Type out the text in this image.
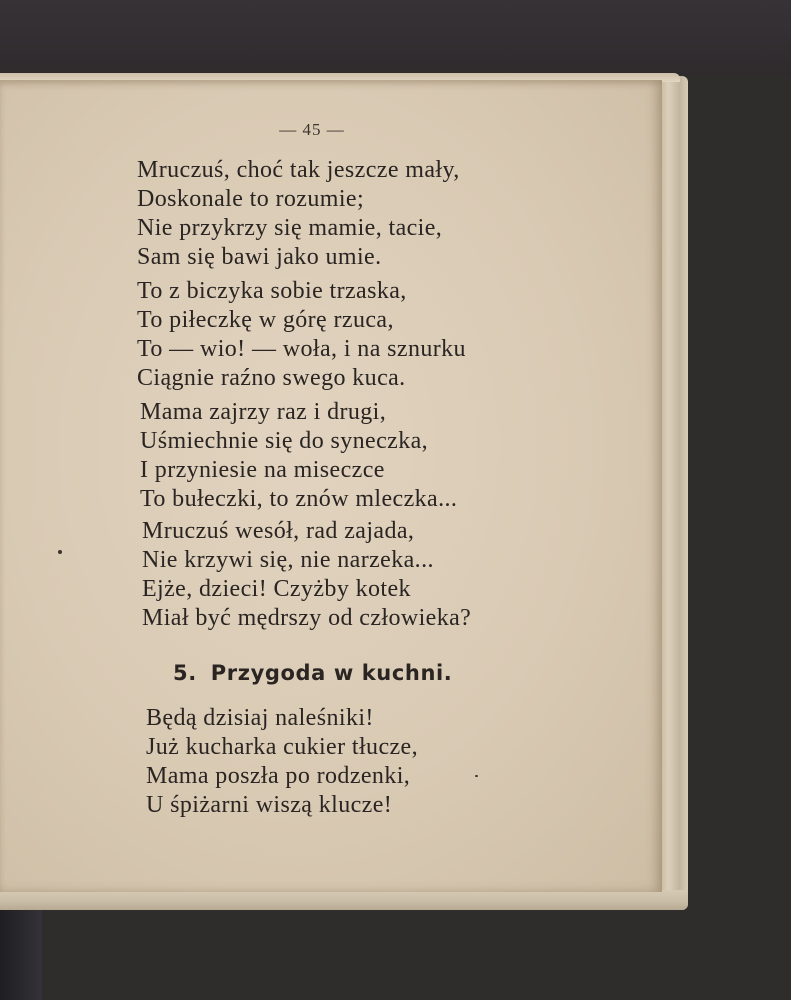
— 45 —
Mruczuś, choć tak jeszcze mały,
Doskonale to rozumie;
Nie przykrzy się mamie, tacie,
Sam się bawi jako umie.
To z biczyka sobie trzaska,
To piłeczkę w górę rzuca,
To — wio! — woła, i na sznurku
Ciągnie raźno swego kuca.
Mama zajrzy raz i drugi,
Uśmiechnie się do syneczka,
I przyniesie na miseczce
To bułeczki, to znów mleczka...
Mruczuś wesół, rad zajada,
Nie krzywi się, nie narzeka...
Ejże, dzieci! Czyżby kotek
Miał być mędrszy od człowieka?
5. Przygoda w kuchni.
Będą dzisiaj naleśniki!
Już kucharka cukier tłucze,
Mama poszła po rodzenki,
U śpiżarni wiszą klucze!
